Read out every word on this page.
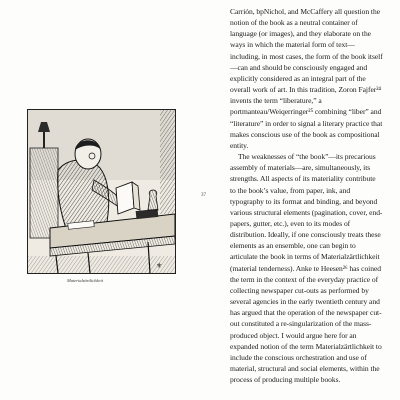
⚜
Materialzärtlichkeit
37

Carrión, bpNichol, and McCaffery all question the notion of the book as a neutral container of language (or images), and they elaborate on the ways in which the material form of text—including, in most cases, the form of the book itself—can and should be consciously engaged and explicitly considered as an integral part of the overall work of art. In this tradition, Zoron Fajfer²⁴ invents the term “liberature,” a portmanteau/Weiqerringer²⁵ combining “liber” and “literature” in order to signal a literary practice that makes conscious use of the book as compositional entity.

The weaknesses of “the book”—its precarious assembly of materials—are, simultaneously, its strengths. All aspects of its materiality contribute to the book’s value, from paper, ink, and typography to its format and binding, and beyond various structural elements (pagination, cover, end-papers, gutter, etc.), even to its modes of distribution. Ideally, if one consciously treats these elements as an ensemble, one can begin to articulate the book in terms of Materialzärtlichkeit (material tenderness). Anke te Heesen²⁶ has coined the term in the context of the everyday practice of collecting newspaper cut-outs as performed by several agencies in the early twentieth century and has argued that the operation of the newspaper cut-out constituted a re-singularization of the mass-produced object. I would argue here for an expanded notion of the term Materialzärtlichkeit to include the conscious orchestration and use of material, structural and social elements, within the process of producing multiple books.
